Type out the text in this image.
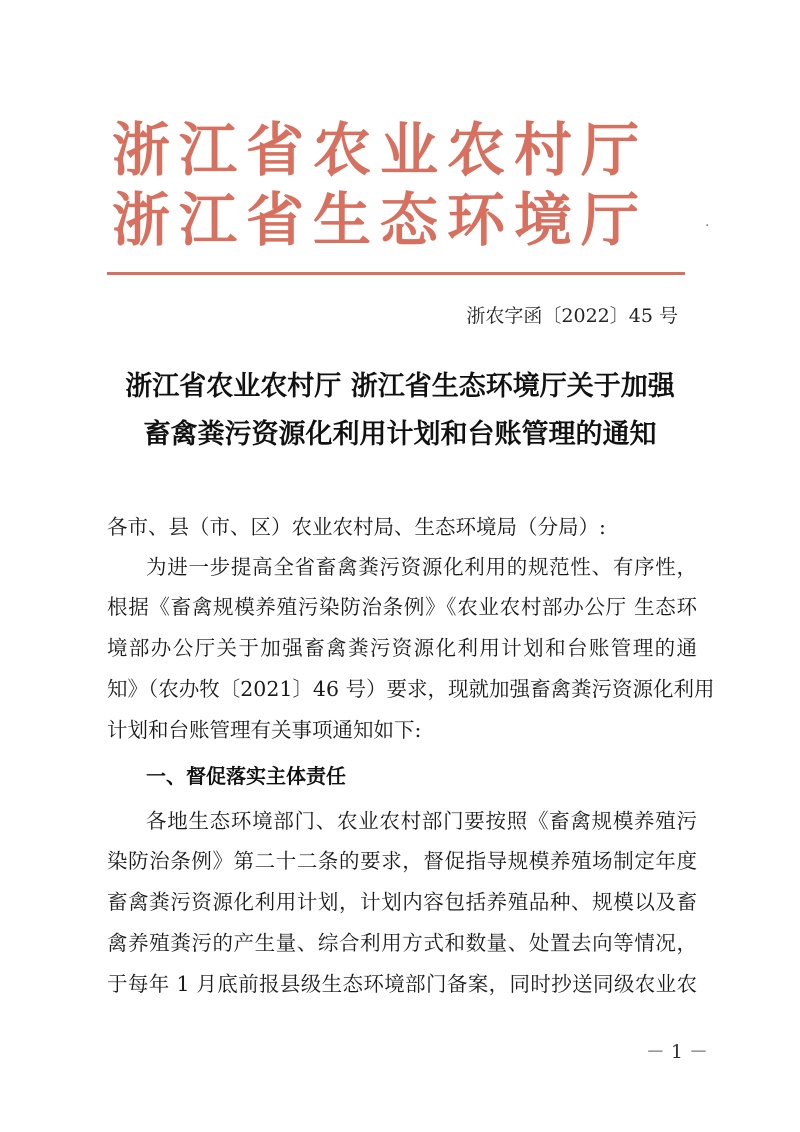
浙江省农业农村厅
浙江省生态环境厅	·
浙农字函〔2022〕45 号
浙江省农业农村厅 浙江省生态环境厅关于加强
畜禽粪污资源化利用计划和台账管理的通知
各市、县（市、区）农业农村局、生态环境局（分局）:
为进一步提高全省畜禽粪污资源化利用的规范性、有序性，
根据《畜禽规模养殖污染防治条例》《农业农村部办公厅 生态环
境部办公厅关于加强畜禽粪污资源化利用计划和台账管理的通
知》（农办牧〔2021〕46 号）要求，现就加强畜禽粪污资源化利用
计划和台账管理有关事项通知如下:
一、督促落实主体责任
各地生态环境部门、农业农村部门要按照《畜禽规模养殖污
染防治条例》第二十二条的要求，督促指导规模养殖场制定年度
畜禽粪污资源化利用计划，计划内容包括养殖品种、规模以及畜
禽养殖粪污的产生量、综合利用方式和数量、处置去向等情况，
于每年 1 月底前报县级生态环境部门备案，同时抄送同级农业农
－ 1 －
